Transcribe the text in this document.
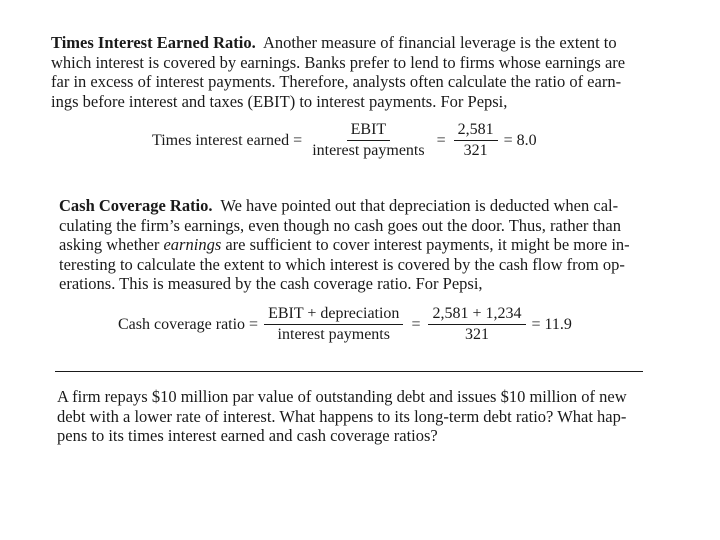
Times Interest Earned Ratio. Another measure of financial leverage is the extent to
which interest is covered by earnings. Banks prefer to lend to firms whose earnings are
far in excess of interest payments. Therefore, analysts often calculate the ratio of earn-
ings before interest and taxes (EBIT) to interest payments. For Pepsi,
Times interest earned = $\frac{\text{EBIT}}{\text{interest payments}} = \frac{2,581}{321} = 8.0$
Cash Coverage Ratio. We have pointed out that depreciation is deducted when cal-
culating the firm’s earnings, even though no cash goes out the door. Thus, rather than
asking whether earnings are sufficient to cover interest payments, it might be more in-
teresting to calculate the extent to which interest is covered by the cash flow from op-
erations. This is measured by the cash coverage ratio. For Pepsi,
Cash coverage ratio = $\frac{\text{EBIT + depreciation}}{\text{interest payments}} = \frac{2,581 + 1,234}{321} = 11.9$
A firm repays $10 million par value of outstanding debt and issues $10 million of new
debt with a lower rate of interest. What happens to its long-term debt ratio? What hap-
pens to its times interest earned and cash coverage ratios?
